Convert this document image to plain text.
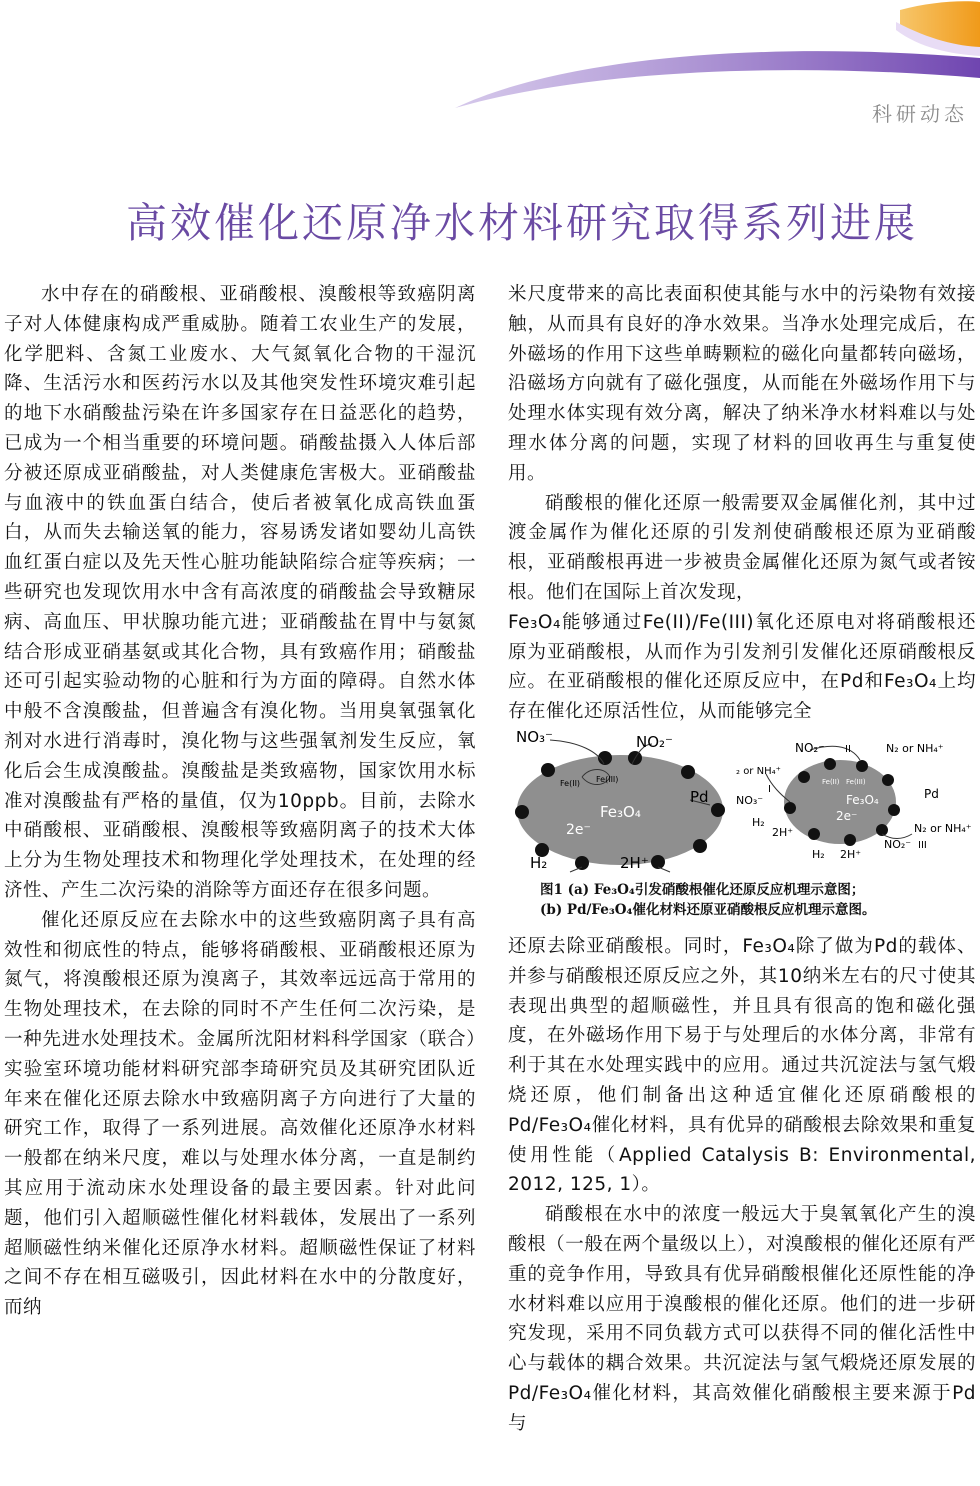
科研动态
高效催化还原净水材料研究取得系列进展

水中存在的硝酸根、亚硝酸根、溴酸根等致癌阴离子对人体健康构成严重威胁。随着工农业生产的发展，化学肥料、含氮工业废水、大气氮氧化合物的干湿沉降、生活污水和医药污水以及其他突发性环境灾难引起的地下水硝酸盐污染在许多国家存在日益恶化的趋势，已成为一个相当重要的环境问题。硝酸盐摄入人体后部分被还原成亚硝酸盐，对人类健康危害极大。亚硝酸盐与血液中的铁血蛋白结合，使后者被氧化成高铁血蛋白，从而失去输送氧的能力，容易诱发诸如婴幼儿高铁血红蛋白症以及先天性心脏功能缺陷综合症等疾病；一些研究也发现饮用水中含有高浓度的硝酸盐会导致糖尿病、高血压、甲状腺功能亢进；亚硝酸盐在胃中与氨氮结合形成亚硝基氨或其化合物，具有致癌作用；硝酸盐还可引起实验动物的心脏和行为方面的障碍。自然水体中般不含溴酸盐，但普遍含有溴化物。当用臭氧强氧化剂对水进行消毒时，溴化物与这些强氧剂发生反应，氧化后会生成溴酸盐。溴酸盐是类致癌物，国家饮用水标准对溴酸盐有严格的量值，仅为10ppb。目前，去除水中硝酸根、亚硝酸根、溴酸根等致癌阴离子的技术大体上分为生物处理技术和物理化学处理技术，在处理的经济性、产生二次污染的消除等方面还存在很多问题。

催化还原反应在去除水中的这些致癌阴离子具有高效性和彻底性的特点，能够将硝酸根、亚硝酸根还原为氮气，将溴酸根还原为溴离子，其效率远远高于常用的生物处理技术，在去除的同时不产生任何二次污染，是一种先进水处理技术。金属所沈阳材料科学国家（联合）实验室环境功能材料研究部李琦研究员及其研究团队近年来在催化还原去除水中致癌阴离子方向进行了大量的研究工作，取得了一系列进展。高效催化还原净水材料一般都在纳米尺度，难以与处理水体分离，一直是制约其应用于流动床水处理设备的最主要因素。针对此问题，他们引入超顺磁性催化材料载体，发展出了一系列超顺磁性纳米催化还原净水材料。超顺磁性保证了材料之间不存在相互磁吸引，因此材料在水中的分散度好，而纳

米尺度带来的高比表面积使其能与水中的污染物有效接触，从而具有良好的净水效果。当净水处理完成后，在外磁场的作用下这些单畴颗粒的磁化向量都转向磁场，沿磁场方向就有了磁化强度，从而能在外磁场作用下与处理水体实现有效分离，解决了纳米净水材料难以与处理水体分离的问题，实现了材料的回收再生与重复使用。

硝酸根的催化还原一般需要双金属催化剂，其中过渡金属作为催化还原的引发剂使硝酸根还原为亚硝酸根，亚硝酸根再进一步被贵金属催化还原为氮气或者铵根。他们在国际上首次发现，

Fe₃O₄能够通过Fe(II)/Fe(III)氧化还原电对将硝酸根还原为亚硝酸根，从而作为引发剂引发催化还原硝酸根反应。在亚硝酸根的催化还原反应中，在Pd和Fe₃O₄上均存在催化还原活性位，从而能够完全

NO₃⁻	NO₂⁻
Fe(II) Fe(III)
Fe₃O₄
Pd
2e⁻
H₂	2H⁺
NO₂⁻ II	N₂ or NH₄⁺
₂ or NH₄⁺
I
NO₃⁻
Fe(II) Fe(III)
Fe₃O₄	Pd
2e⁻
H₂
2H⁺	N₂ or NH₄⁺
NO₂⁻ III
H₂ 2H⁺
图1 (a) Fe₃O₄引发硝酸根催化还原反应机理示意图；
(b) Pd/Fe₃O₄催化材料还原亚硝酸根反应机理示意图。

还原去除亚硝酸根。同时，Fe₃O₄除了做为Pd的载体、并参与硝酸根还原反应之外，其10纳米左右的尺寸使其表现出典型的超顺磁性，并且具有很高的饱和磁化强度，在外磁场作用下易于与处理后的水体分离，非常有利于其在水处理实践中的应用。通过共沉淀法与氢气煅烧还原，他们制备出这种适宜催化还原硝酸根的Pd/Fe₃O₄催化材料，具有优异的硝酸根去除效果和重复使用性能（Applied Catalysis B: Environmental, 2012, 125, 1）。

硝酸根在水中的浓度一般远大于臭氧氧化产生的溴酸根（一般在两个量级以上），对溴酸根的催化还原有严重的竞争作用，导致具有优异硝酸根催化还原性能的净水材料难以应用于溴酸根的催化还原。他们的进一步研究发现，采用不同负载方式可以获得不同的催化活性中心与载体的耦合效果。共沉淀法与氢气煅烧还原发展的Pd/Fe₃O₄催化材料，其高效催化硝酸根主要来源于Pd与
